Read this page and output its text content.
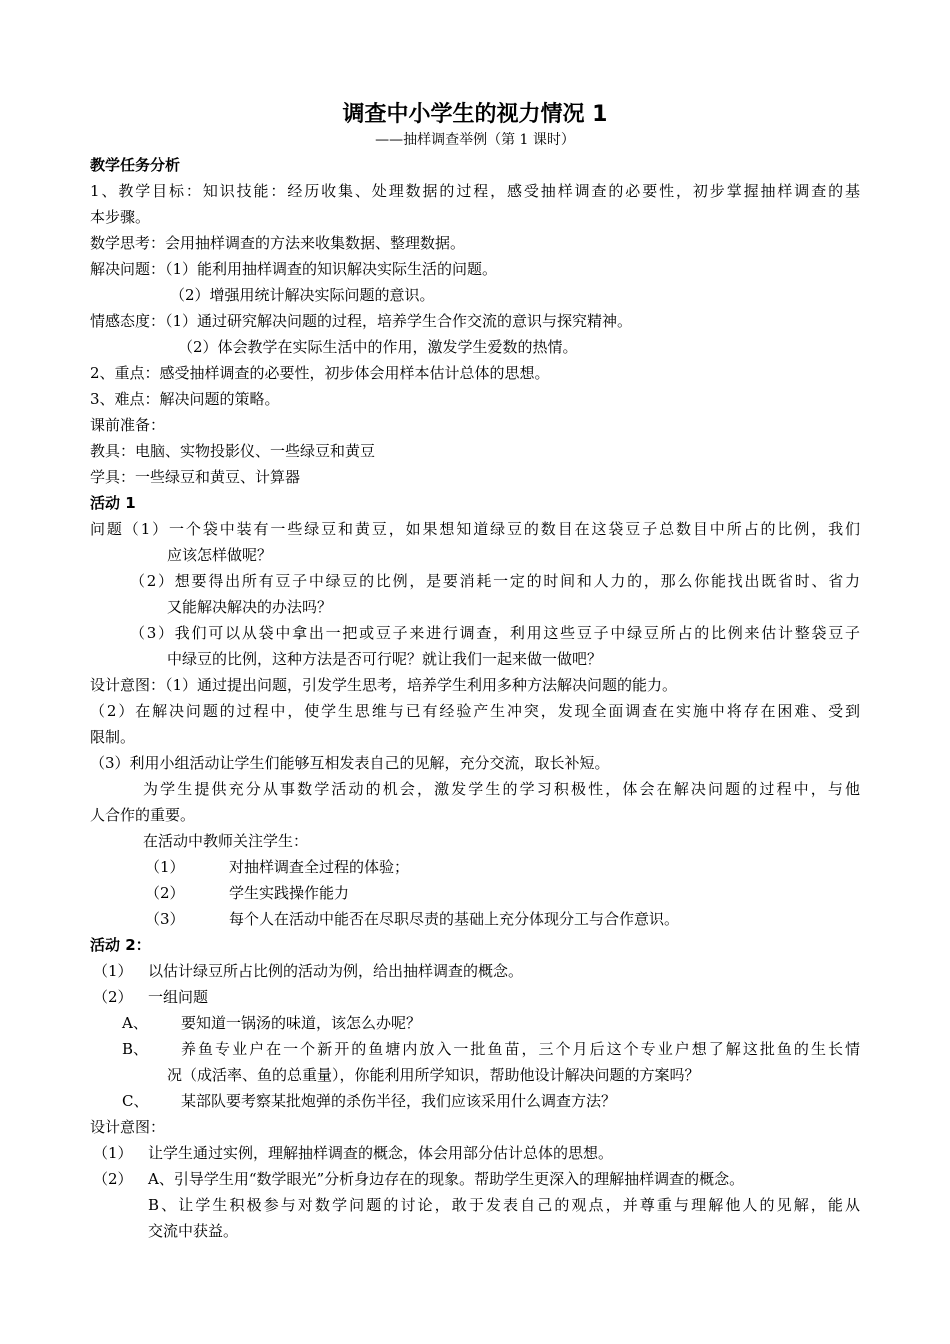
调查中小学生的视力情况 1
——抽样调查举例（第 1 课时）
教学任务分析
1、教学目标：知识技能：经历收集、处理数据的过程，感受抽样调查的必要性，初步掌握抽样调查的基
本步骤。
数学思考：会用抽样调查的方法来收集数据、整理数据。
解决问题：（1）能利用抽样调查的知识解决实际生活的问题。
（2）增强用统计解决实际问题的意识。
情感态度：（1）通过研究解决问题的过程，培养学生合作交流的意识与探究精神。
（2）体会教学在实际生活中的作用，激发学生爱数的热情。
2、重点：感受抽样调查的必要性，初步体会用样本估计总体的思想。
3、难点：解决问题的策略。
课前准备：
教具：电脑、实物投影仪、一些绿豆和黄豆
学具：一些绿豆和黄豆、计算器
活动 1
问题（1）一个袋中装有一些绿豆和黄豆，如果想知道绿豆的数目在这袋豆子总数目中所占的比例，我们
应该怎样做呢？
（2）想要得出所有豆子中绿豆的比例，是要消耗一定的时间和人力的，那么你能找出既省时、省力
又能解决解决的办法吗？
（3）我们可以从袋中拿出一把或豆子来进行调查，利用这些豆子中绿豆所占的比例来估计整袋豆子
中绿豆的比例，这种方法是否可行呢？就让我们一起来做一做吧？
设计意图：（1）通过提出问题，引发学生思考，培养学生利用多种方法解决问题的能力。
（2）在解决问题的过程中，使学生思维与已有经验产生冲突，发现全面调查在实施中将存在困难、受到
限制。
（3）利用小组活动让学生们能够互相发表自己的见解，充分交流，取长补短。
为学生提供充分从事数学活动的机会，激发学生的学习积极性，体会在解决问题的过程中，与他
人合作的重要。
在活动中教师关注学生：
（1）	对抽样调查全过程的体验；
（2）	学生实践操作能力
（3）	每个人在活动中能否在尽职尽责的基础上充分体现分工与合作意识。
活动 2：
（1） 以估计绿豆所占比例的活动为例，给出抽样调查的概念。
（2） 一组问题
A、 要知道一锅汤的味道，该怎么办呢？
B、 养鱼专业户在一个新开的鱼塘内放入一批鱼苗，三个月后这个专业户想了解这批鱼的生长情
况（成活率、鱼的总重量），你能利用所学知识，帮助他设计解决问题的方案吗？
C、 某部队要考察某批炮弹的杀伤半径，我们应该采用什么调查方法？
设计意图：
（1） 让学生通过实例，理解抽样调查的概念，体会用部分估计总体的思想。
（2） A、引导学生用“数学眼光”分析身边存在的现象。帮助学生更深入的理解抽样调查的概念。
B、让学生积极参与对数学问题的讨论，敢于发表自己的观点，并尊重与理解他人的见解，能从
交流中获益。
